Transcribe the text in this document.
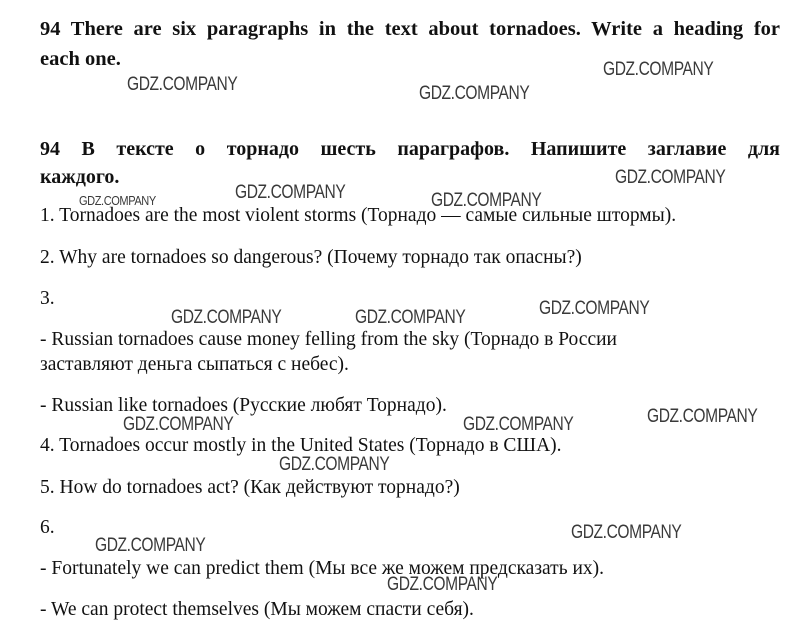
94 There are six paragraphs in the text about tornadoes. Write a heading for
each one.
94 В тексте о торнадо шесть параграфов. Напишите заглавие для
каждого.
1. Tornadoes are the most violent storms (Торнадо — самые сильные штормы).
2. Why are tornadoes so dangerous? (Почему торнадо так опасны?)
3.
- Russian tornadoes cause money felling from the sky (Торнадо в России
заставляют деньга сыпаться с небес).
- Russian like tornadoes (Русские любят Торнадо).
4. Tornadoes occur mostly in the United States (Торнадо в США).
5. How do tornadoes act? (Как действуют торнадо?)
6.
- Fortunately we can predict them (Мы все же можем предсказать их).
- We can protect themselves (Мы можем спасти себя).
GDZ.COMPANY	GDZ.COMPANY
GDZ.COMPANY
GDZ.COMPANY
GDZ.COMPANY	GDZ.COMPANY	GDZ.COMPANY
GDZ.COMPANY
GDZ.COMPANY	GDZ.COMPANY
GDZ.COMPANY
GDZ.COMPANY	GDZ.COMPANY
GDZ.COMPANY
GDZ.COMPANY
GDZ.COMPANY
GDZ.COMPANY
